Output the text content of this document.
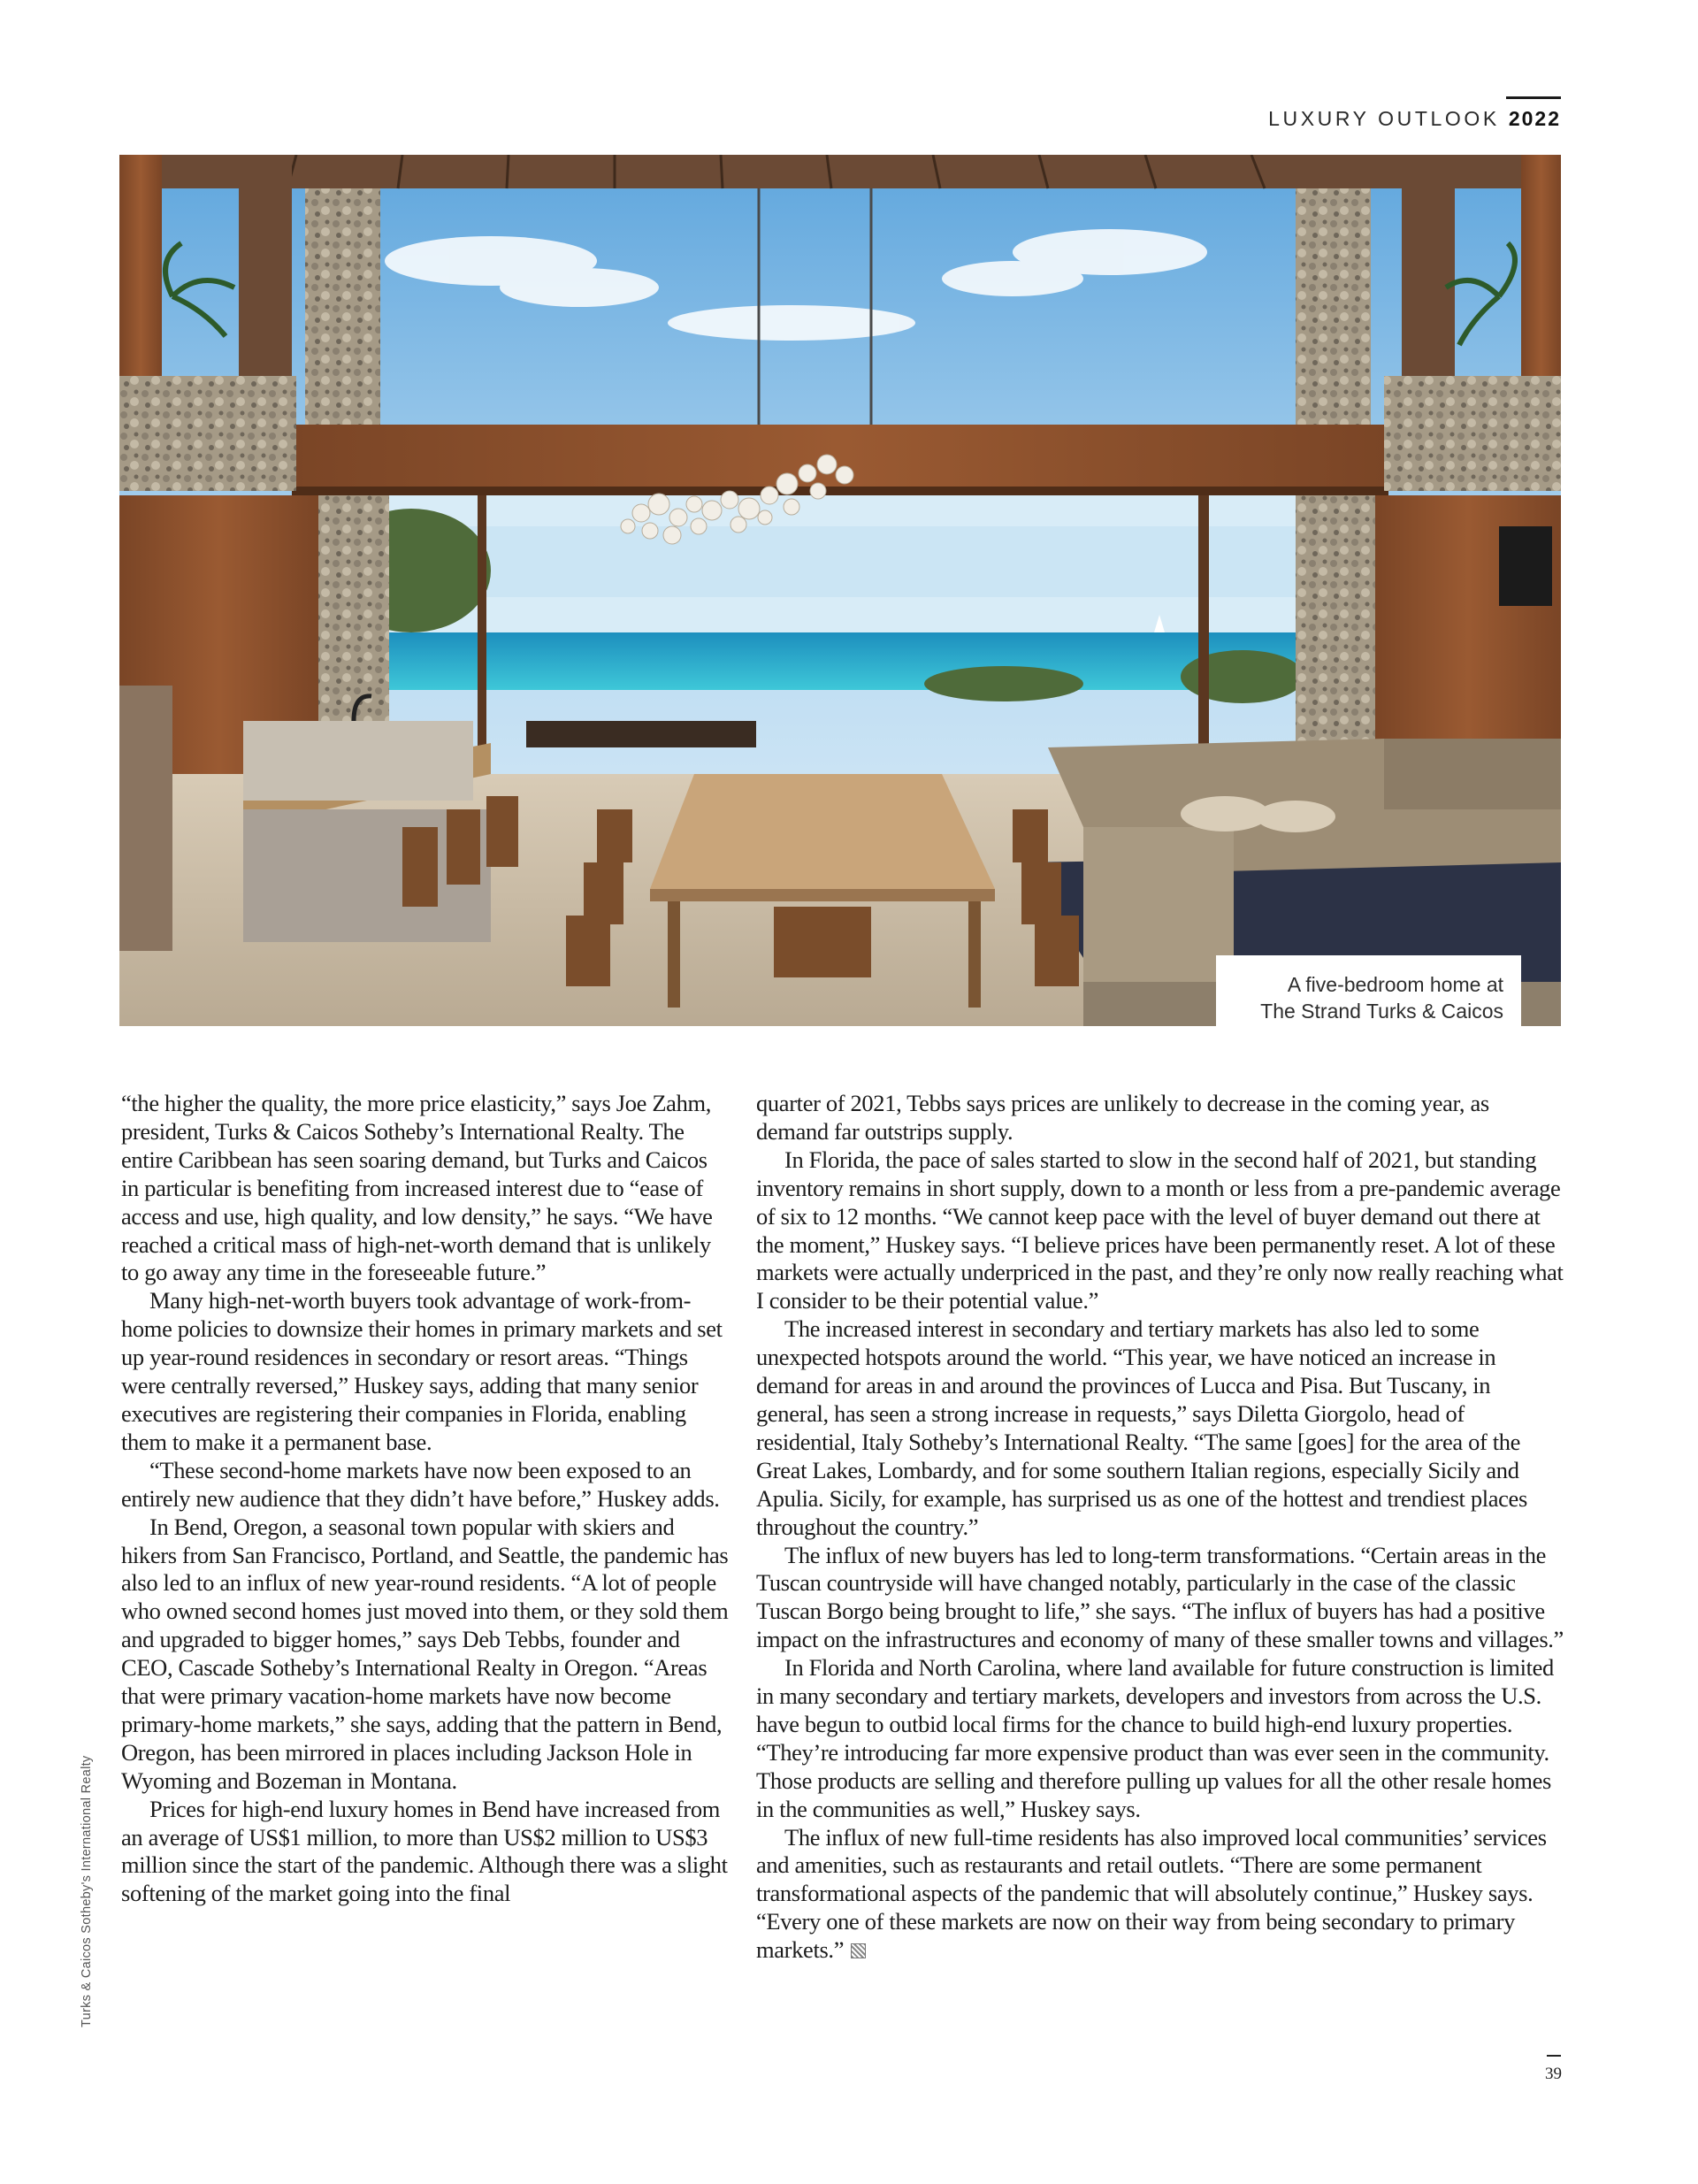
LUXURY OUTLOOK 2022
A five-bedroom home at
The Strand Turks & Caicos
Turks & Caicos Sotheby's International Realty

“the higher the quality, the more price elasticity,” says Joe Zahm, president, Turks & Caicos Sotheby’s International Realty. The entire Caribbean has seen soaring demand, but Turks and Caicos in particular is benefiting from increased interest due to “ease of access and use, high quality, and low density,” he says. “We have reached a critical mass of high-net-worth demand that is unlikely to go away any time in the foreseeable future.”

Many high-net-worth buyers took advantage of work-from-home policies to downsize their homes in primary markets and set up year-round residences in secondary or resort areas. “Things were centrally reversed,” Huskey says, adding that many senior executives are registering their companies in Florida, enabling them to make it a permanent base.

“These second-home markets have now been exposed to an entirely new audience that they didn’t have before,” Huskey adds.

In Bend, Oregon, a seasonal town popular with skiers and hikers from San Francisco, Portland, and Seattle, the pandemic has also led to an influx of new year-round residents. “A lot of people who owned second homes just moved into them, or they sold them and upgraded to bigger homes,” says Deb Tebbs, founder and CEO, Cascade Sotheby’s International Realty in Oregon. “Areas that were primary vacation-home markets have now become primary-home markets,” she says, adding that the pattern in Bend, Oregon, has been mirrored in places including Jackson Hole in Wyoming and Bozeman in Montana.

Prices for high-end luxury homes in Bend have increased from an average of US$1 million, to more than US$2 million to US$3 million since the start of the pandemic. Although there was a slight softening of the market going into the final

quarter of 2021, Tebbs says prices are unlikely to decrease in the coming year, as demand far outstrips supply.

In Florida, the pace of sales started to slow in the second half of 2021, but standing inventory remains in short supply, down to a month or less from a pre-pandemic average of six to 12 months. “We cannot keep pace with the level of buyer demand out there at the moment,” Huskey says. “I believe prices have been permanently reset. A lot of these markets were actually underpriced in the past, and they’re only now really reaching what I consider to be their potential value.”

The increased interest in secondary and tertiary markets has also led to some unexpected hotspots around the world. “This year, we have noticed an increase in demand for areas in and around the provinces of Lucca and Pisa. But Tuscany, in general, has seen a strong increase in requests,” says Diletta Giorgolo, head of residential, Italy Sotheby’s International Realty. “The same [goes] for the area of the Great Lakes, Lombardy, and for some southern Italian regions, especially Sicily and Apulia. Sicily, for example, has surprised us as one of the hottest and trendiest places throughout the country.”

The influx of new buyers has led to long-term transformations. “Certain areas in the Tuscan countryside will have changed notably, particularly in the case of the classic Tuscan Borgo being brought to life,” she says. “The influx of buyers has had a positive impact on the infrastructures and economy of many of these smaller towns and villages.”

In Florida and North Carolina, where land available for future construction is limited in many secondary and tertiary markets, developers and investors from across the U.S. have begun to outbid local firms for the chance to build high-end luxury properties. “They’re introducing far more expensive product than was ever seen in the community. Those products are selling and therefore pulling up values for all the other resale homes in the communities as well,” Huskey says.

The influx of new full-time residents has also improved local communities’ services and amenities, such as restaurants and retail outlets. “There are some permanent transformational aspects of the pandemic that will absolutely continue,” Huskey says. “Every one of these markets are now on their way from being secondary to primary markets.”

39
